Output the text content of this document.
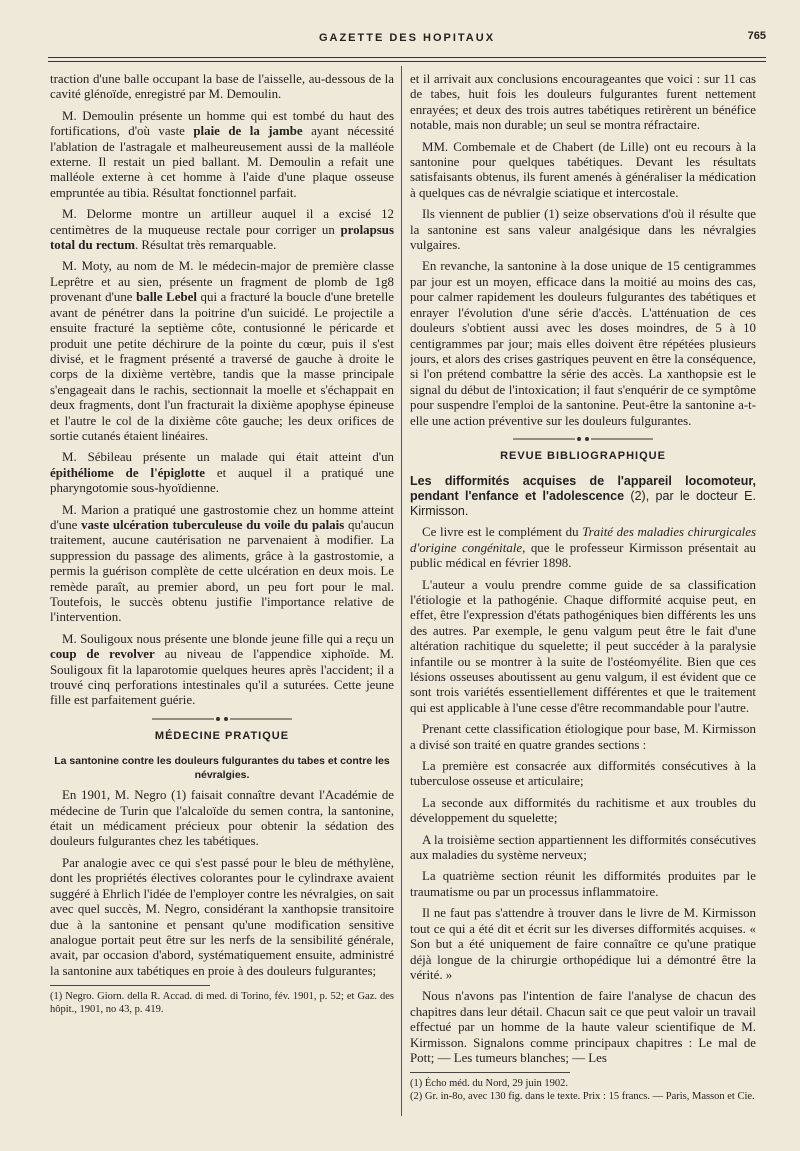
GAZETTE DES HOPITAUX	765

traction d'une balle occupant la base de l'aisselle, au-dessous de la cavité glénoïde, enregistré par M. Demoulin.

M. Demoulin présente un homme qui est tombé du haut des fortifications, d'où vaste plaie de la jambe ayant nécessité l'ablation de l'astragale et malheureusement aussi de la malléole externe. Il restait un pied ballant. M. Demoulin a refait une malléole externe à cet homme à l'aide d'une plaque osseuse empruntée au tibia. Résultat fonctionnel parfait.

M. Delorme montre un artilleur auquel il a excisé 12 centimètres de la muqueuse rectale pour corriger un prolapsus total du rectum. Résultat très remarquable.

M. Moty, au nom de M. le médecin-major de première classe Leprêtre et au sien, présente un fragment de plomb de 1g8 provenant d'une balle Lebel qui a fracturé la boucle d'une bretelle avant de pénétrer dans la poitrine d'un suicidé. Le projectile a ensuite fracturé la septième côte, contusionné le péricarde et produit une petite déchirure de la pointe du cœur, puis il s'est divisé, et le fragment présenté a traversé de gauche à droite le corps de la dixième vertèbre, tandis que la masse principale s'engageait dans le rachis, sectionnait la moelle et s'échappait en deux fragments, dont l'un fracturait la dixième apophyse épineuse et l'autre le col de la dixième côte gauche; les deux orifices de sortie cutanés étaient linéaires.

M. Sébileau présente un malade qui était atteint d'un épithéliome de l'épiglotte et auquel il a pratiqué une pharyngotomie sous-hyoïdienne.

M. Marion a pratiqué une gastrostomie chez un homme atteint d'une vaste ulcération tuberculeuse du voile du palais qu'aucun traitement, aucune cautérisation ne parvenaient à modifier. La suppression du passage des aliments, grâce à la gastrostomie, a permis la guérison complète de cette ulcération en deux mois. Le remède paraît, au premier abord, un peu fort pour le mal. Toutefois, le succès obtenu justifie l'importance relative de l'intervention.

M. Souligoux nous présente une blonde jeune fille qui a reçu un coup de revolver au niveau de l'appendice xiphoïde. M. Souligoux fit la laparotomie quelques heures après l'accident; il a trouvé cinq perforations intestinales qu'il a suturées. Cette jeune fille est parfaitement guérie.

MÉDECINE PRATIQUE
La santonine contre les douleurs fulgurantes du tabes et contre les névralgies.

En 1901, M. Negro (1) faisait connaître devant l'Académie de médecine de Turin que l'alcaloïde du semen contra, la santonine, était un médicament précieux pour obtenir la sédation des douleurs fulgurantes chez les tabétiques.

Par analogie avec ce qui s'est passé pour le bleu de méthylène, dont les propriétés électives colorantes pour le cylindraxe avaient suggéré à Ehrlich l'idée de l'employer contre les névralgies, on sait avec quel succès, M. Negro, considérant la xanthopsie transitoire due à la santonine et pensant qu'une modification sensitive analogue portait peut être sur les nerfs de la sensibilité générale, avait, par occasion d'abord, systématiquement ensuite, administré la santonine aux tabétiques en proie à des douleurs fulgurantes;

(1) Negro. Giorn. della R. Accad. di med. di Torino, fév. 1901, p. 52; et Gaz. des hôpit., 1901, no 43, p. 419.

et il arrivait aux conclusions encourageantes que voici : sur 11 cas de tabes, huit fois les douleurs fulgurantes furent nettement enrayées; et deux des trois autres tabétiques retirèrent un bénéfice notable, mais non durable; un seul se montra réfractaire.

MM. Combemale et de Chabert (de Lille) ont eu recours à la santonine pour quelques tabétiques. Devant les résultats satisfaisants obtenus, ils furent amenés à généraliser la médication à quelques cas de névralgie sciatique et intercostale.

Ils viennent de publier (1) seize observations d'où il résulte que la santonine est sans valeur analgésique dans les névralgies vulgaires.

En revanche, la santonine à la dose unique de 15 centigrammes par jour est un moyen, efficace dans la moitié au moins des cas, pour calmer rapidement les douleurs fulgurantes des tabétiques et enrayer l'évolution d'une série d'accès. L'atténuation de ces douleurs s'obtient aussi avec les doses moindres, de 5 à 10 centigrammes par jour; mais elles doivent être répétées plusieurs jours, et alors des crises gastriques peuvent en être la conséquence, si l'on prétend combattre la série des accès. La xanthopsie est le signal du début de l'intoxication; il faut s'enquérir de ce symptôme pour suspendre l'emploi de la santonine. Peut-être la santonine a-t-elle une action préventive sur les douleurs fulgurantes.

REVUE BIBLIOGRAPHIQUE
Les difformités acquises de l'appareil locomoteur, pendant l'enfance et l'adolescence (2), par le docteur E. Kirmisson.

Ce livre est le complément du Traité des maladies chirurgicales d'origine congénitale, que le professeur Kirmisson présentait au public médical en février 1898.

L'auteur a voulu prendre comme guide de sa classification l'étiologie et la pathogénie. Chaque difformité acquise peut, en effet, être l'expression d'états pathogéniques bien différents les uns des autres. Par exemple, le genu valgum peut être le fait d'une altération rachitique du squelette; il peut succéder à la paralysie infantile ou se montrer à la suite de l'ostéomyélite. Bien que ces lésions osseuses aboutissent au genu valgum, il est évident que ce sont trois variétés essentiellement différentes et que le traitement qui est applicable à l'une cesse d'être recommandable pour l'autre.

Prenant cette classification étiologique pour base, M. Kirmisson a divisé son traité en quatre grandes sections :

La première est consacrée aux difformités consécutives à la tuberculose osseuse et articulaire;

La seconde aux difformités du rachitisme et aux troubles du développement du squelette;

A la troisième section appartiennent les difformités consécutives aux maladies du système nerveux;

La quatrième section réunit les difformités produites par le traumatisme ou par un processus inflammatoire.

Il ne faut pas s'attendre à trouver dans le livre de M. Kirmisson tout ce qui a été dit et écrit sur les diverses difformités acquises. « Son but a été uniquement de faire connaître ce qu'une pratique déjà longue de la chirurgie orthopédique lui a démontré être la vérité. »

Nous n'avons pas l'intention de faire l'analyse de chacun des chapitres dans leur détail. Chacun sait ce que peut valoir un travail effectué par un homme de la haute valeur scientifique de M. Kirmisson. Signalons comme principaux chapitres : Le mal de Pott; — Les tumeurs blanches; — Les

(1) Écho méd. du Nord, 29 juin 1902.
(2) Gr. in-8o, avec 130 fig. dans le texte. Prix : 15 francs. — Paris, Masson et Cie.
